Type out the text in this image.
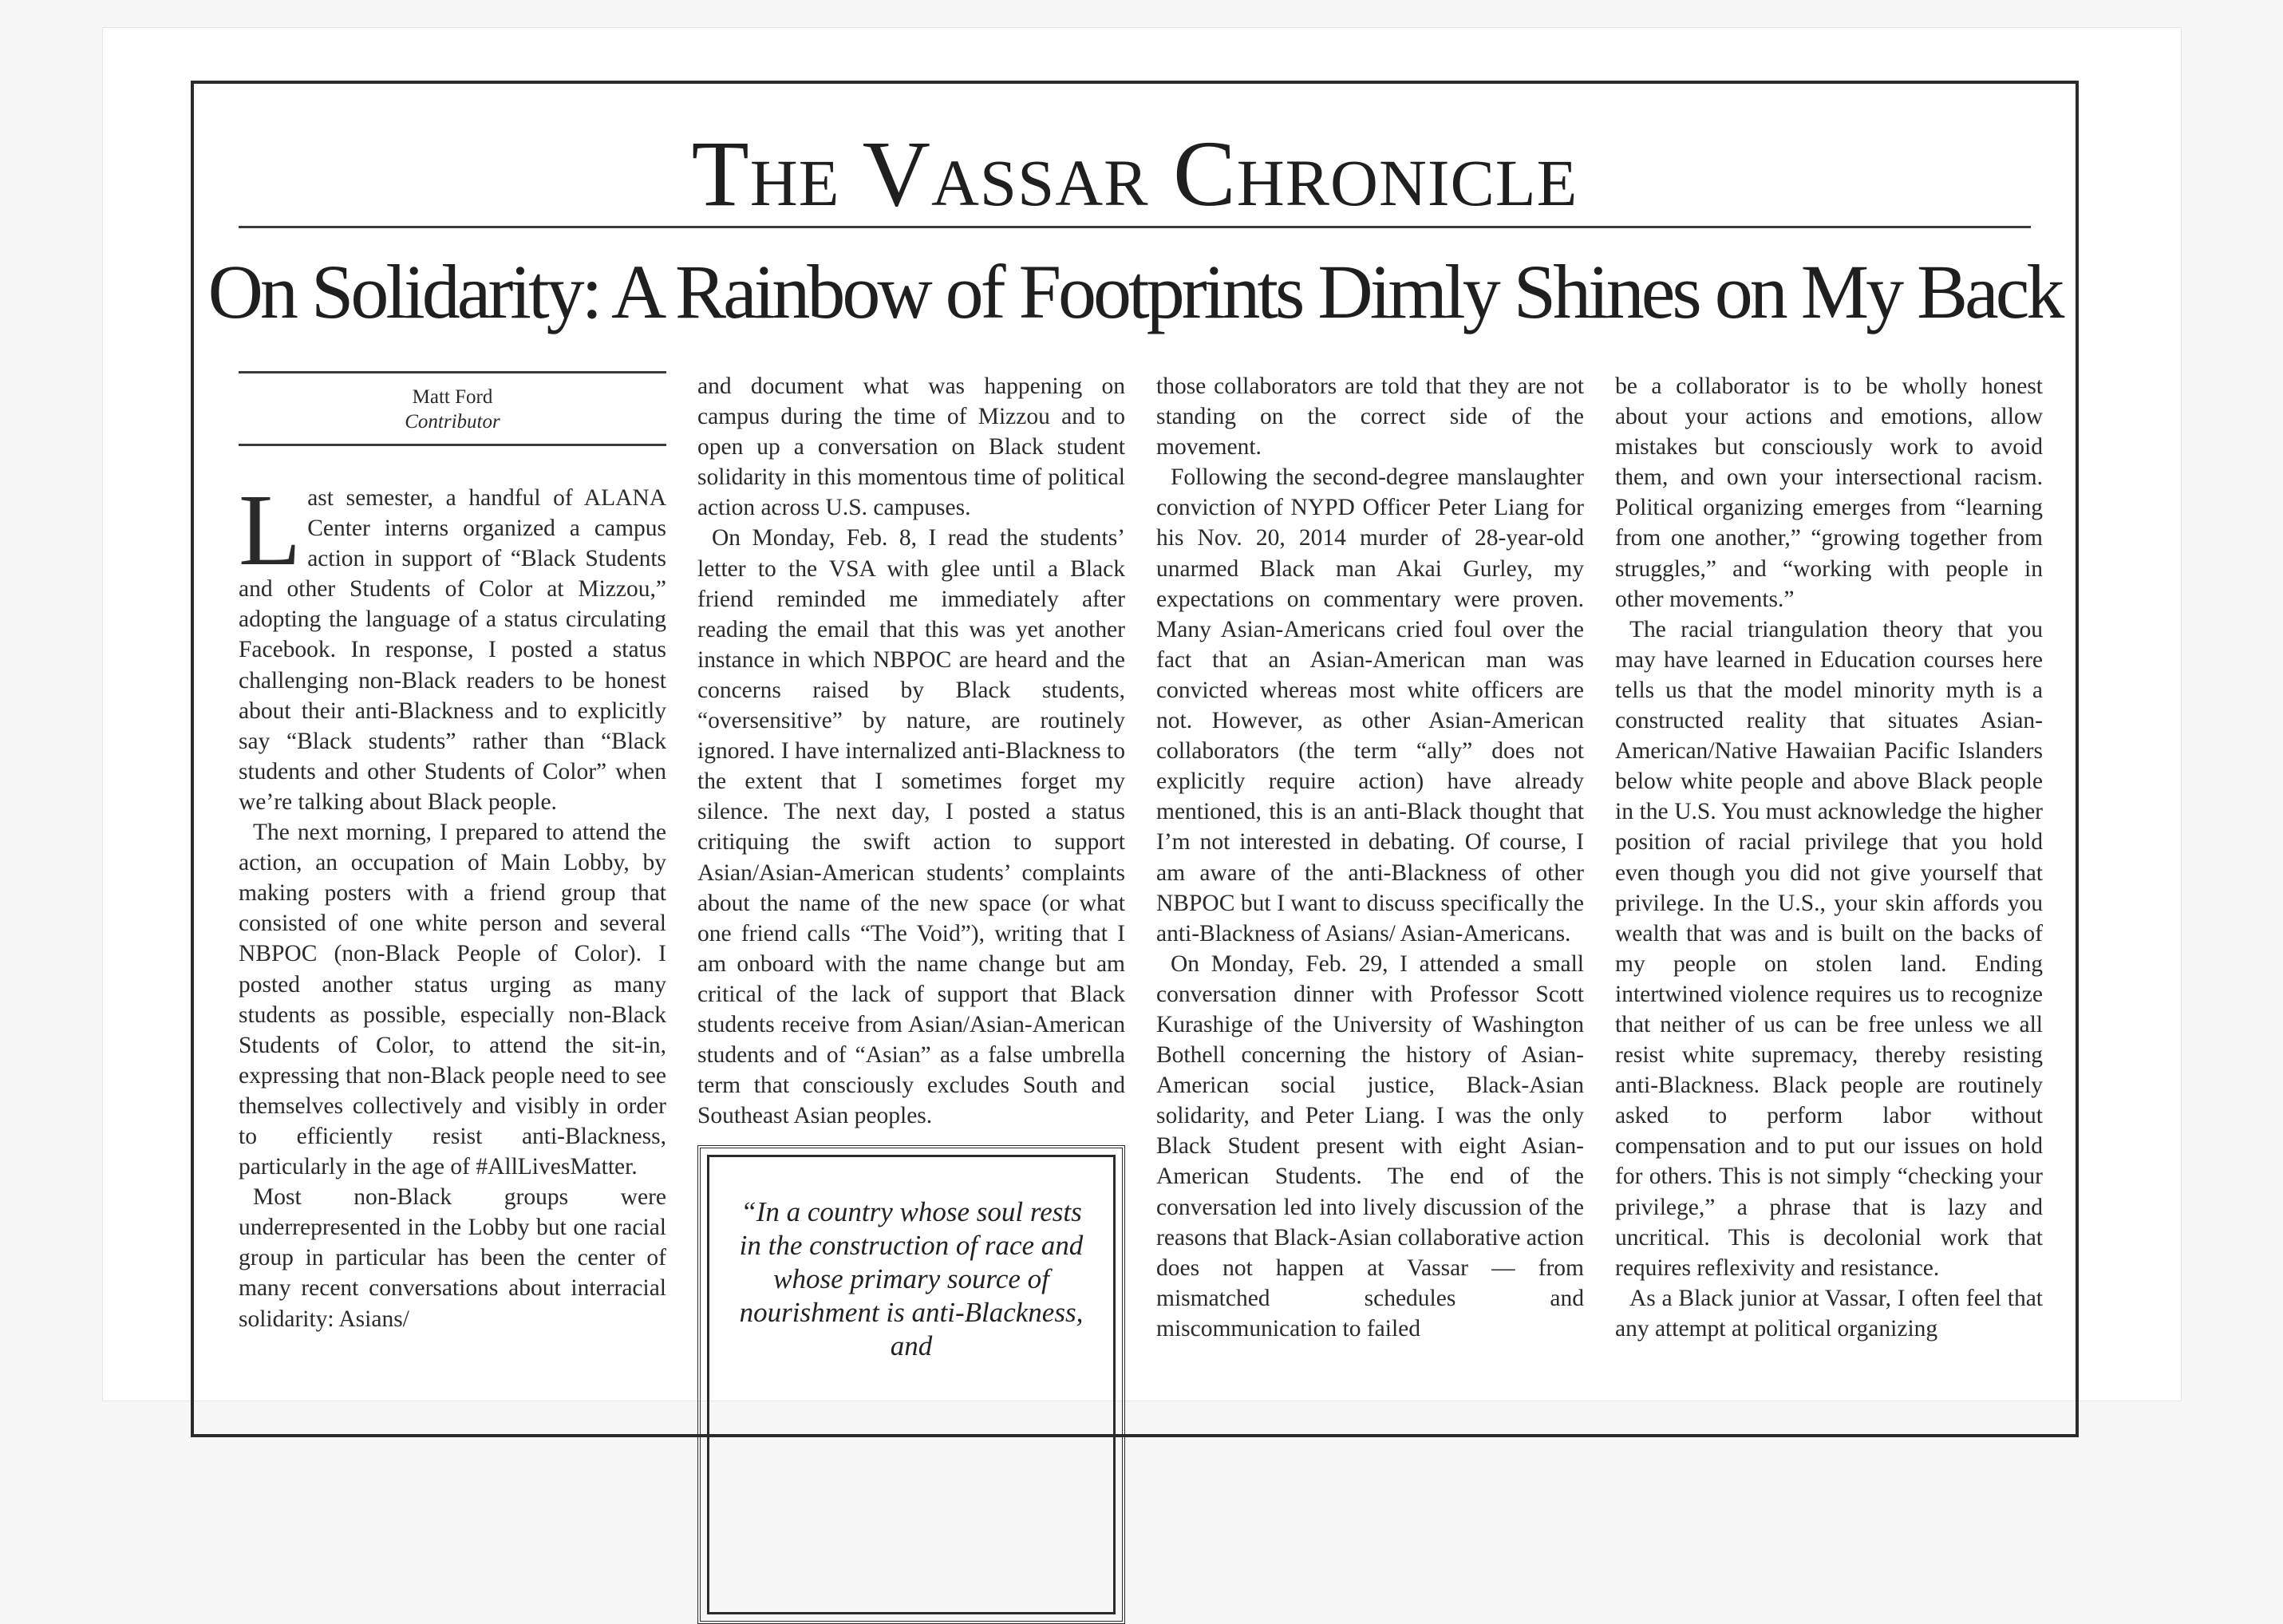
The Vassar Chronicle
On Solidarity: A Rainbow of Footprints Dimly Shines on My Back
Matt Ford
Contributor
L ast semester, a handful of ALANA Center interns organized a campus action in support of “Black Students and other Students of Color at Mizzou,” adopting the language of a status circulating Facebook. In response, I posted a status challenging non-Black readers to be honest about their anti-Blackness and to explicitly say “Black students” rather than “Black students and other Students of Color” when we’re talking about Black people.

The next morning, I prepared to attend the action, an occupation of Main Lobby, by making posters with a friend group that consisted of one white person and several NBPOC (non-Black People of Color). I posted another status urging as many students as possible, especially non-Black Students of Color, to attend the sit-in, expressing that non-Black people need to see themselves collectively and visibly in order to efficiently resist anti-Blackness, particularly in the age of #AllLivesMatter.

Most non-Black groups were underrepresented in the Lobby but one racial group in particular has been the center of many recent conversations about interracial solidarity: Asians/

and document what was happening on campus during the time of Mizzou and to open up a conversation on Black student solidarity in this momentous time of political action across U.S. campuses.

On Monday, Feb. 8, I read the students’ letter to the VSA with glee until a Black friend reminded me immediately after reading the email that this was yet another instance in which NBPOC are heard and the concerns raised by Black students, “oversensitive” by nature, are routinely ignored. I have internalized anti-Blackness to the extent that I sometimes forget my silence. The next day, I posted a status critiquing the swift action to support Asian/Asian-American students’ complaints about the name of the new space (or what one friend calls “The Void”), writing that I am onboard with the name change but am critical of the lack of support that Black students receive from Asian/Asian-American students and of “Asian” as a false umbrella term that consciously excludes South and Southeast Asian peoples.

“In a country whose soul rests in the construction of race and whose primary source of nourishment is anti-Blackness, and

those collaborators are told that they are not standing on the correct side of the movement.

Following the second-degree manslaughter conviction of NYPD Officer Peter Liang for his Nov. 20, 2014 murder of 28-year-old unarmed Black man Akai Gurley, my expectations on commentary were proven. Many Asian-Americans cried foul over the fact that an Asian-American man was convicted whereas most white officers are not. However, as other Asian-American collaborators (the term “ally” does not explicitly require action) have already mentioned, this is an anti-Black thought that I’m not interested in debating. Of course, I am aware of the anti-Blackness of other NBPOC but I want to discuss specifically the anti-Blackness of Asians/ Asian-Americans.

On Monday, Feb. 29, I attended a small conversation dinner with Professor Scott Kurashige of the University of Washington Bothell concerning the history of Asian-American social justice, Black-Asian solidarity, and Peter Liang. I was the only Black Student present with eight Asian-American Students. The end of the conversation led into lively discussion of the reasons that Black-Asian collaborative action does not happen at Vassar — from mismatched schedules and miscommunication to failed

be a collaborator is to be wholly honest about your actions and emotions, allow mistakes but consciously work to avoid them, and own your intersectional racism. Political organizing emerges from “learning from one another,” “growing together from struggles,” and “working with people in other movements.”

The racial triangulation theory that you may have learned in Education courses here tells us that the model minority myth is a constructed reality that situates Asian-American/Native Hawaiian Pacific Islanders below white people and above Black people in the U.S. You must acknowledge the higher position of racial privilege that you hold even though you did not give yourself that privilege. In the U.S., your skin affords you wealth that was and is built on the backs of my people on stolen land. Ending intertwined violence requires us to recognize that neither of us can be free unless we all resist white supremacy, thereby resisting anti-Blackness. Black people are routinely asked to perform labor without compensation and to put our issues on hold for others. This is not simply “checking your privilege,” a phrase that is lazy and uncritical. This is decolonial work that requires reflexivity and resistance.

As a Black junior at Vassar, I often feel that any attempt at political organizing
